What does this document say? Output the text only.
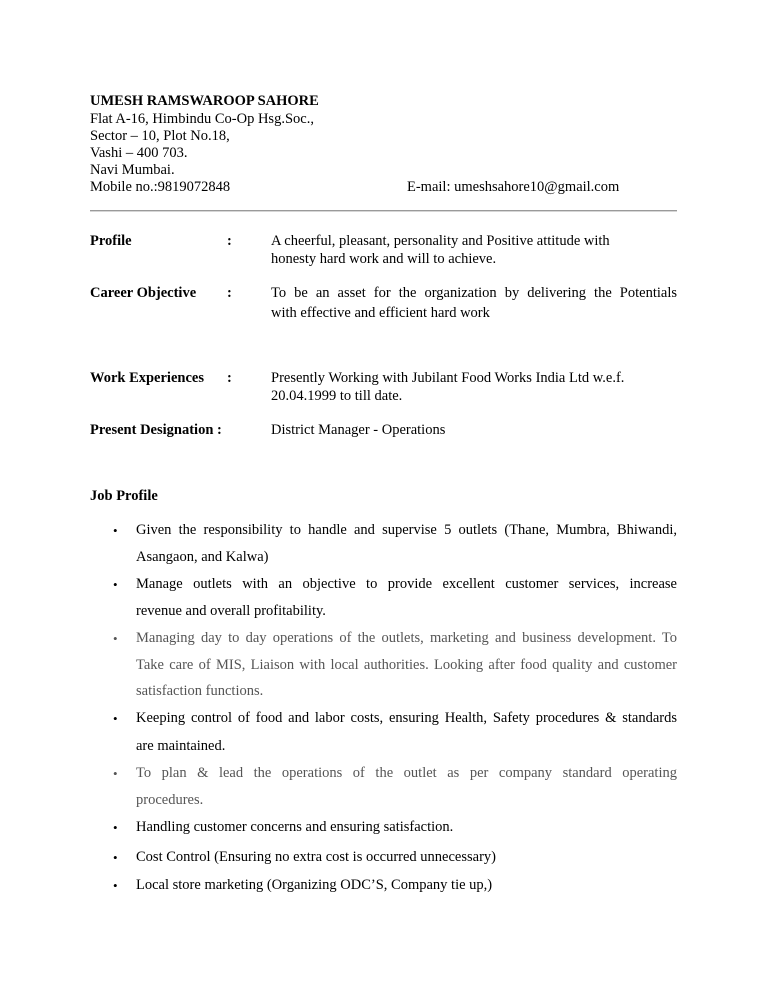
UMESH RAMSWAROOP SAHORE
Flat A-16, Himbindu Co-Op Hsg.Soc.,
Sector – 10, Plot No.18,
Vashi – 400 703.
Navi Mumbai.
Mobile no.:9819072848	E-mail: umeshsahore10@gmail.com
Profile	:	A cheerful, pleasant, personality and Positive attitude with
honesty hard work and will to achieve.
Career Objective :	To be an asset for the organization by delivering the Potentials
with effective and efficient hard work
Work Experiences :	Presently Working with Jubilant Food Works India Ltd w.e.f.
20.04.1999 to till date.
Present Designation :	District Manager - Operations
Job Profile
• Given the responsibility to handle and supervise 5 outlets (Thane, Mumbra, Bhiwandi,
Asangaon, and Kalwa)
• Manage outlets with an objective to provide excellent customer services, increase
revenue and overall profitability.
• Managing day to day operations of the outlets, marketing and business development. To
Take care of MIS, Liaison with local authorities. Looking after food quality and customer
satisfaction functions.
• Keeping control of food and labor costs, ensuring Health, Safety procedures & standards
are maintained.
• To plan & lead the operations of the outlet as per company standard operating
procedures.
• Handling customer concerns and ensuring satisfaction.
• Cost Control (Ensuring no extra cost is occurred unnecessary)
• Local store marketing (Organizing ODC’S, Company tie up,)
